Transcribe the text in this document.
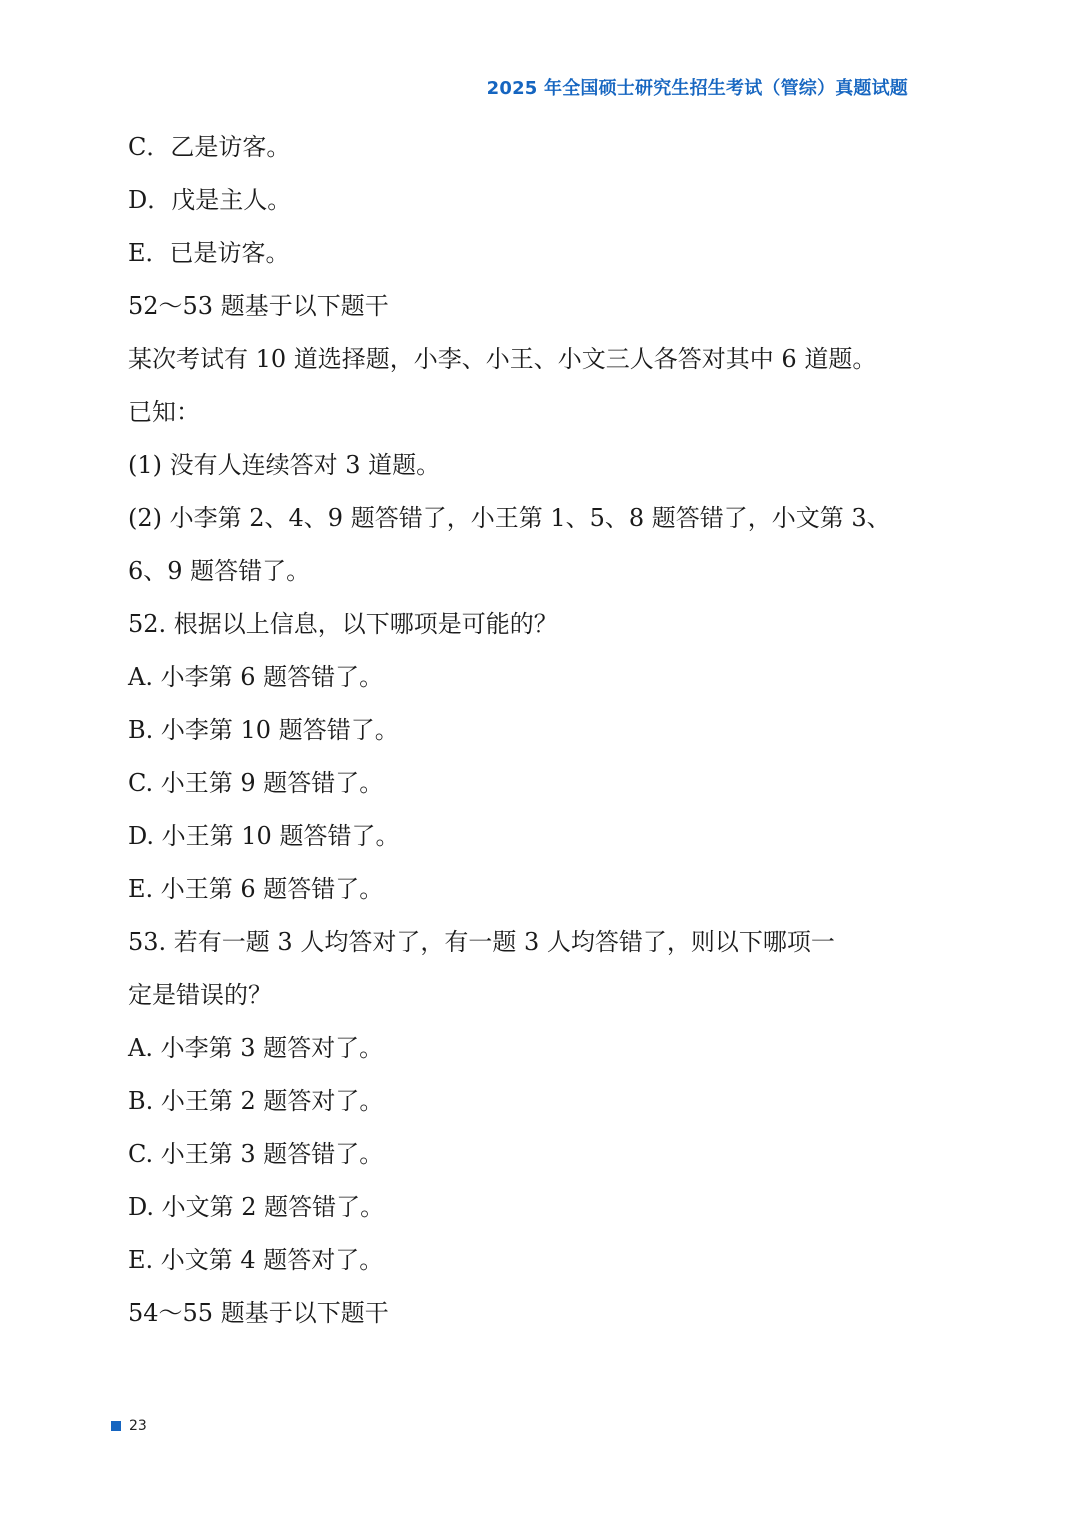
2025 年全国硕士研究生招生考试（管综）真题试题
C．乙是访客。
D．戊是主人。
E．已是访客。
52～53 题基于以下题干
某次考试有 10 道选择题，小李、小王、小文三人各答对其中 6 道题。
已知：
(1) 没有人连续答对 3 道题。
(2) 小李第 2、4、9 题答错了，小王第 1、5、8 题答错了，小文第 3、
6、9 题答错了。
52. 根据以上信息，以下哪项是可能的？
A. 小李第 6 题答错了。
B. 小李第 10 题答错了。
C. 小王第 9 题答错了。
D. 小王第 10 题答错了。
E. 小王第 6 题答错了。
53. 若有一题 3 人均答对了，有一题 3 人均答错了，则以下哪项一
定是错误的？
A. 小李第 3 题答对了。
B. 小王第 2 题答对了。
C. 小王第 3 题答错了。
D. 小文第 2 题答错了。
E. 小文第 4 题答对了。
54～55 题基于以下题干
23
